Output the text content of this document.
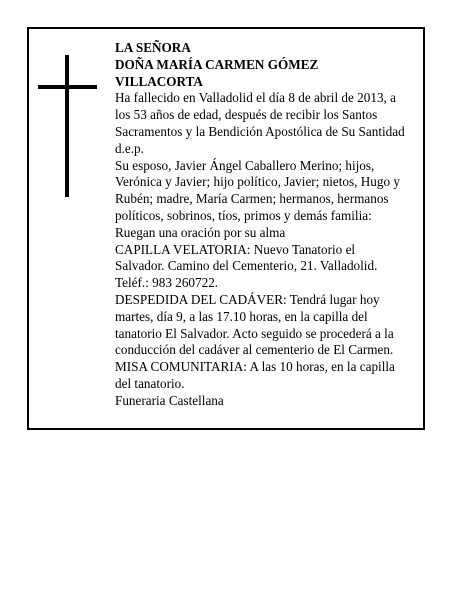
LA SEÑORA

DOÑA MARÍA CARMEN GÓMEZ VILLACORTA

Ha fallecido en Valladolid el día 8 de abril de 2013, a los 53 años de edad, después de recibir los Santos Sacramentos y la Bendición Apostólica de Su Santidad

d.e.p.

Su esposo, Javier Ángel Caballero Merino; hijos, Verónica y Javier; hijo político, Javier; nietos, Hugo y Rubén; madre, María Carmen; hermanos, hermanos políticos, sobrinos, tíos, primos y demás familia:

Ruegan una oración por su alma

CAPILLA VELATORIA: Nuevo Tanatorio el Salvador. Camino del Cementerio, 21. Valladolid. Teléf.: 983 260722.

DESPEDIDA DEL CADÁVER: Tendrá lugar hoy martes, día 9, a las 17.10 horas, en la capilla del tanatorio El Salvador. Acto seguido se procederá a la conducción del cadáver al cementerio de El Carmen.

MISA COMUNITARIA: A las 10 horas, en la capilla del tanatorio.

Funeraria Castellana
